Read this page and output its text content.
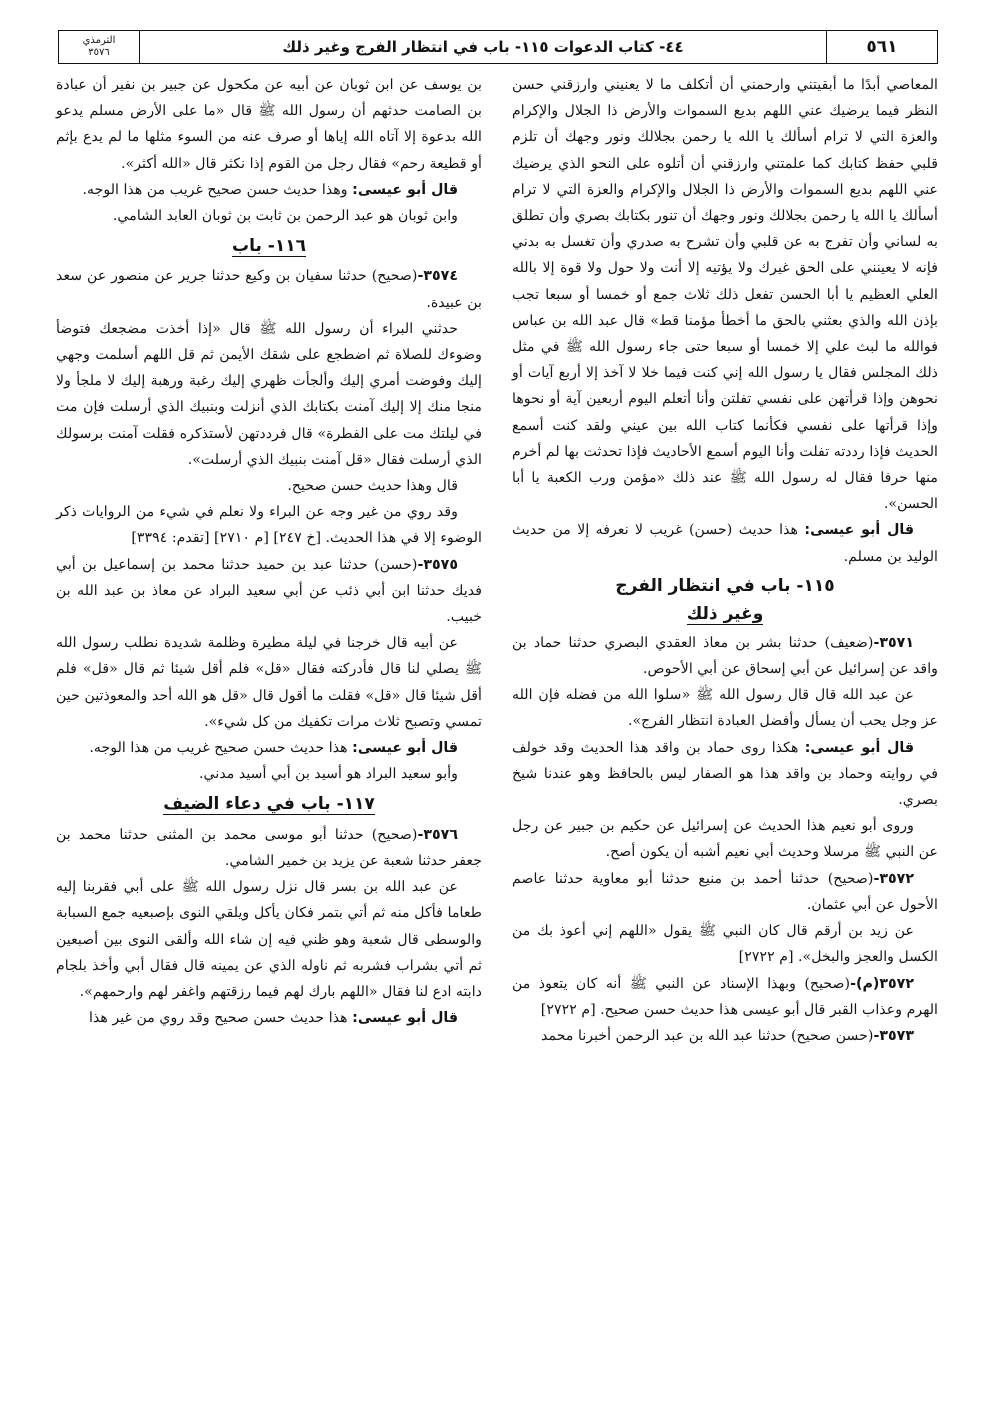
الترمذي
٣٥٧٦	٤٤- كتاب الدعوات ١١٥- باب في انتظار الفرج وغير ذلك	٥٦١

المعاصي أبدًا ما أبقيتني وارحمني أن أتكلف ما لا يعنيني وارزقني حسن النظر فيما يرضيك عني اللهم بديع السموات والأرض ذا الجلال والإكرام والعزة التي لا ترام أسألك يا الله يا رحمن بجلالك ونور وجهك أن تلزم قلبي حفظ كتابك كما علمتني وارزقني أن أتلوه على النحو الذي يرضيك عني اللهم بديع السموات والأرض ذا الجلال والإكرام والعزة التي لا ترام أسألك يا الله يا رحمن بجلالك ونور وجهك أن تنور بكتابك بصري وأن تطلق به لساني وأن تفرج به عن قلبي وأن تشرح به صدري وأن تغسل به بدني فإنه لا يعينني على الحق غيرك ولا يؤتيه إلا أنت ولا حول ولا قوة إلا بالله العلي العظيم يا أبا الحسن تفعل ذلك ثلاث جمع أو خمسا أو سبعا تجب بإذن الله والذي بعثني بالحق ما أخطأ مؤمنا قط» قال عبد الله بن عباس فوالله ما لبث علي إلا خمسا أو سبعا حتى جاء رسول الله ﷺ في مثل ذلك المجلس فقال يا رسول الله إني كنت فيما خلا لا آخذ إلا أربع آيات أو نحوهن وإذا قرأتهن على نفسي تفلتن وأنا أتعلم اليوم أربعين آية أو نحوها وإذا قرأتها على نفسي فكأنما كتاب الله بين عيني ولقد كنت أسمع الحديث فإذا رددته تفلت وأنا اليوم أسمع الأحاديث فإذا تحدثت بها لم أخرم منها حرفا فقال له رسول الله ﷺ عند ذلك «مؤمن ورب الكعبة يا أبا الحسن».

قال أبو عيسى: هذا حديث (حسن) غريب لا نعرفه إلا من حديث الوليد بن مسلم.

١١٥- باب في انتظار الفرج
وغير ذلك

٣٥٧١-(ضعيف) حدثنا بشر بن معاذ العقدي البصري حدثنا حماد بن واقد عن إسرائيل عن أبي إسحاق عن أبي الأحوص.

عن عبد الله قال قال رسول الله ﷺ «سلوا الله من فضله فإن الله عز وجل يحب أن يسأل وأفضل العبادة انتظار الفرج».

قال أبو عيسى: هكذا روى حماد بن واقد هذا الحديث وقد خولف في روايته وحماد بن واقد هذا هو الصفار ليس بالحافظ وهو عندنا شيخ بصري.

وروى أبو نعيم هذا الحديث عن إسرائيل عن حكيم بن جبير عن رجل عن النبي ﷺ مرسلا وحديث أبي نعيم أشبه أن يكون أصح.

٣٥٧٢-(صحيح) حدثنا أحمد بن منيع حدثنا أبو معاوية حدثنا عاصم الأحول عن أبي عثمان.

عن زيد بن أرقم قال كان النبي ﷺ يقول «اللهم إني أعوذ بك من الكسل والعجز والبخل». [م ٢٧٢٢]

٣٥٧٢(م)-(صحيح) وبهذا الإسناد عن النبي ﷺ أنه كان يتعوذ من الهرم وعذاب القبر قال أبو عيسى هذا حديث حسن صحيح. [م ٢٧٢٢]

٣٥٧٣-(حسن صحيح) حدثنا عبد الله بن عبد الرحمن أخبرنا محمد

بن يوسف عن ابن ثوبان عن أبيه عن مكحول عن جبير بن نفير أن عبادة بن الصامت حدثهم أن رسول الله ﷺ قال «ما على الأرض مسلم يدعو الله بدعوة إلا آتاه الله إياها أو صرف عنه من السوء مثلها ما لم يدع بإثم أو قطيعة رحم» فقال رجل من القوم إذا نكثر قال «الله أكثر».

قال أبو عيسى: وهذا حديث حسن صحيح غريب من هذا الوجه.

وابن ثوبان هو عبد الرحمن بن ثابت بن ثوبان العابد الشامي.

١١٦- باب

٣٥٧٤-(صحيح) حدثنا سفيان بن وكيع حدثنا جرير عن منصور عن سعد بن عبيدة.

حدثني البراء أن رسول الله ﷺ قال «إذا أخذت مضجعك فتوضأ وضوءك للصلاة ثم اضطجع على شقك الأيمن ثم قل اللهم أسلمت وجهي إليك وفوضت أمري إليك وألجأت ظهري إليك رغبة ورهبة إليك لا ملجأ ولا منجا منك إلا إليك آمنت بكتابك الذي أنزلت وبنبيك الذي أرسلت فإن مت في ليلتك مت على الفطرة» قال فرددتهن لأستذكره فقلت آمنت برسولك الذي أرسلت فقال «قل آمنت بنبيك الذي أرسلت».

قال وهذا حديث حسن صحيح.

وقد روي من غير وجه عن البراء ولا نعلم في شيء من الروايات ذكر الوضوء إلا في هذا الحديث. [خ ٢٤٧] [م ٢٧١٠] [تقدم: ٣٣٩٤]

٣٥٧٥-(حسن) حدثنا عبد بن حميد حدثنا محمد بن إسماعيل بن أبي فديك حدثنا ابن أبي ذئب عن أبي سعيد البراد عن معاذ بن عبد الله بن خبيب.

عن أبيه قال خرجنا في ليلة مطيرة وظلمة شديدة نطلب رسول الله ﷺ يصلي لنا قال فأدركته فقال «قل» فلم أقل شيئا ثم قال «قل» فلم أقل شيئا قال «قل» فقلت ما أقول قال «قل هو الله أحد والمعوذتين حين تمسي وتصبح ثلاث مرات تكفيك من كل شيء».

قال أبو عيسى: هذا حديث حسن صحيح غريب من هذا الوجه.

وأبو سعيد البراد هو أسيد بن أبي أسيد مدني.

١١٧- باب في دعاء الضيف

٣٥٧٦-(صحيح) حدثنا أبو موسى محمد بن المثنى حدثنا محمد بن جعفر حدثنا شعبة عن يزيد بن خمير الشامي.

عن عبد الله بن بسر قال نزل رسول الله ﷺ على أبي فقربنا إليه طعاما فأكل منه ثم أتي بتمر فكان يأكل ويلقي النوى بإصبعيه جمع السبابة والوسطى قال شعبة وهو ظني فيه إن شاء الله وألقى النوى بين أصبعين ثم أتي بشراب فشربه ثم ناوله الذي عن يمينه قال فقال أبي وأخذ بلجام دابته ادع لنا فقال «اللهم بارك لهم فيما رزقتهم واغفر لهم وارحمهم».

قال أبو عيسى: هذا حديث حسن صحيح وقد روي من غير هذا
